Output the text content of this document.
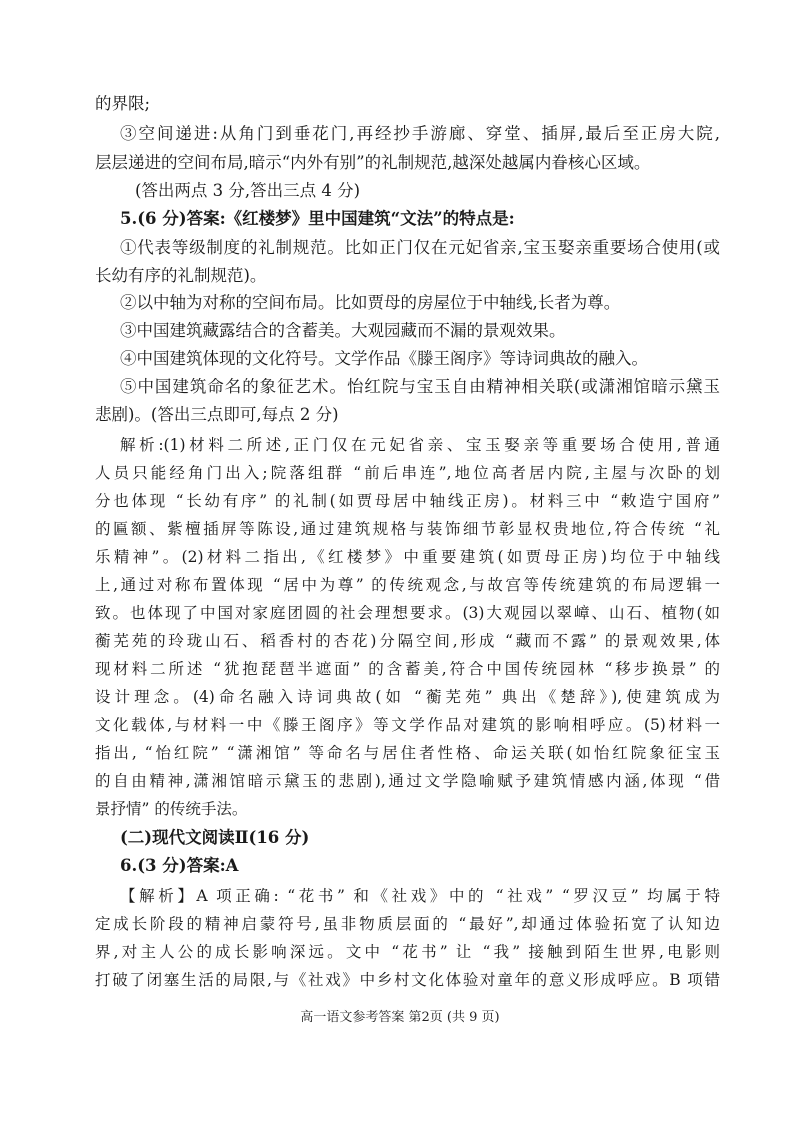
的界限;
③空间递进:从角门到垂花门,再经抄手游廊、穿堂、插屏,最后至正房大院,
层层递进的空间布局,暗示“内外有别”的礼制规范,越深处越属内眷核心区域。
(答出两点 3 分,答出三点 4 分)
5.(6 分)答案:《红楼梦》里中国建筑“文法”的特点是:
①代表等级制度的礼制规范。比如正门仅在元妃省亲,宝玉娶亲重要场合使用(或
长幼有序的礼制规范)。
②以中轴为对称的空间布局。比如贾母的房屋位于中轴线,长者为尊。
③中国建筑藏露结合的含蓄美。大观园藏而不漏的景观效果。
④中国建筑体现的文化符号。文学作品《滕王阁序》等诗词典故的融入。
⑤中国建筑命名的象征艺术。怡红院与宝玉自由精神相关联(或潇湘馆暗示黛玉
悲剧)。(答出三点即可,每点 2 分)
解析:(1)材料二所述,正门仅在元妃省亲、宝玉娶亲等重要场合使用,普通
人员只能经角门出入;院落组群 “前后串连”,地位高者居内院,主屋与次卧的划
分也体现 “长幼有序” 的礼制(如贾母居中轴线正房)。材料三中 “敕造宁国府”
的匾额、紫檀插屏等陈设,通过建筑规格与装饰细节彰显权贵地位,符合传统 “礼
乐精神”。(2)材料二指出,《红楼梦》中重要建筑(如贾母正房)均位于中轴线
上,通过对称布置体现 “居中为尊” 的传统观念,与故宫等传统建筑的布局逻辑一
致。也体现了中国对家庭团圆的社会理想要求。(3)大观园以翠嶂、山石、植物(如
蘅芜苑的玲珑山石、稻香村的杏花)分隔空间,形成 “藏而不露” 的景观效果,体
现材料二所述 “犹抱琵琶半遮面” 的含蓄美,符合中国传统园林 “移步换景” 的
设计理念。(4)命名融入诗词典故(如 “蘅芜苑” 典出《楚辞》),使建筑成为
文化载体,与材料一中《滕王阁序》等文学作品对建筑的影响相呼应。(5)材料一
指出, “怡红院” “潇湘馆” 等命名与居住者性格、命运关联(如怡红院象征宝玉
的自由精神,潇湘馆暗示黛玉的悲剧),通过文学隐喻赋予建筑情感内涵,体现 “借
景抒情” 的传统手法。
(二)现代文阅读Ⅱ(16 分)
6.(3 分)答案:A
【解析】A 项正确: “花书” 和《社戏》中的 “社戏” “罗汉豆” 均属于特
定成长阶段的精神启蒙符号,虽非物质层面的 “最好”,却通过体验拓宽了认知边
界,对主人公的成长影响深远。文中 “花书” 让 “我” 接触到陌生世界,电影则
打破了闭塞生活的局限,与《社戏》中乡村文化体验对童年的意义形成呼应。B 项错
高一语文参考答案 第2页 (共 9 页)
